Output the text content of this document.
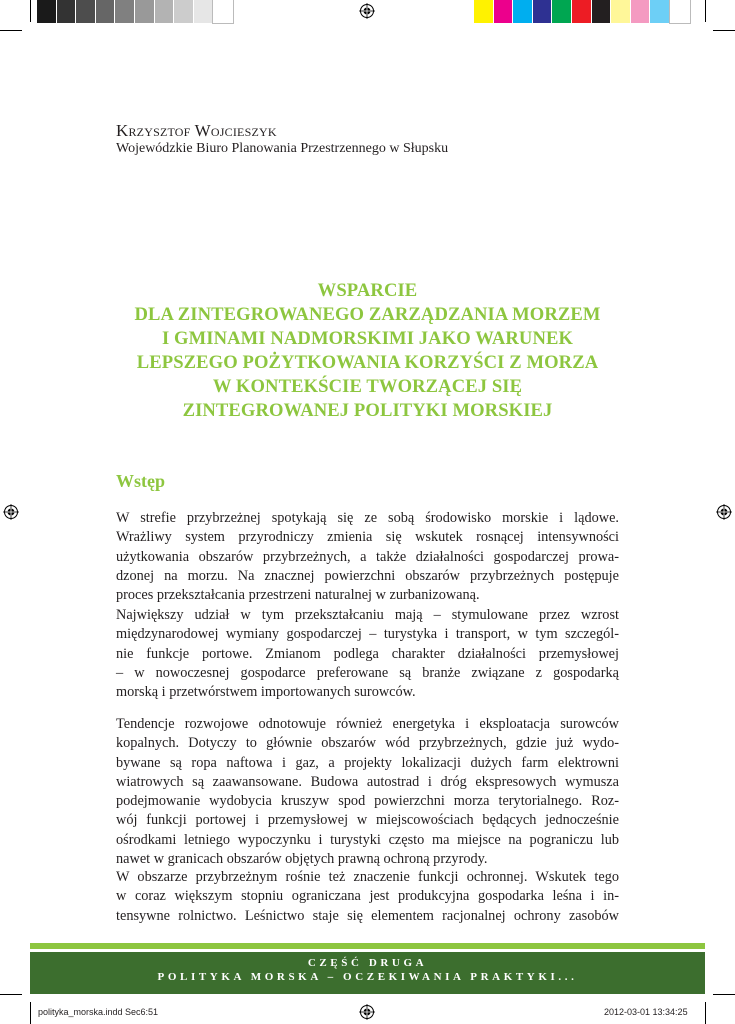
Krzysztof Wojcieszyk
Wojewódzkie Biuro Planowania Przestrzennego w Słupsku
WSPARCIE
DLA ZINTEGROWANEGO ZARZĄDZANIA MORZEM
I GMINAMI NADMORSKIMI JAKO WARUNEK
LEPSZEGO POŻYTKOWANIA KORZYŚCI Z MORZA
W KONTEKŚCIE TWORZĄCEJ SIĘ
ZINTEGROWANEJ POLITYKI MORSKIEJ
Wstęp
W strefie przybrzeżnej spotykają się ze sobą środowisko morskie i lądowe.
Wrażliwy system przyrodniczy zmienia się wskutek rosnącej intensywności
użytkowania obszarów przybrzeżnych, a także działalności gospodarczej prowa-
dzonej na morzu. Na znacznej powierzchni obszarów przybrzeżnych postępuje
proces przekształcania przestrzeni naturalnej w zurbanizowaną.
Największy udział w tym przekształcaniu mają – stymulowane przez wzrost
międzynarodowej wymiany gospodarczej – turystyka i transport, w tym szczegól-
nie funkcje portowe. Zmianom podlega charakter działalności przemysłowej
– w nowoczesnej gospodarce preferowane są branże związane z gospodarką
morską i przetwórstwem importowanych surowców.
Tendencje rozwojowe odnotowuje również energetyka i eksploatacja surowców
kopalnych. Dotyczy to głównie obszarów wód przybrzeżnych, gdzie już wydo-
bywane są ropa naftowa i gaz, a projekty lokalizacji dużych farm elektrowni
wiatrowych są zaawansowane. Budowa autostrad i dróg ekspresowych wymusza
podejmowanie wydobycia kruszyw spod powierzchni morza terytorialnego. Roz-
wój funkcji portowej i przemysłowej w miejscowościach będących jednocześnie
ośrodkami letniego wypoczynku i turystyki często ma miejsce na pograniczu lub
nawet w granicach obszarów objętych prawną ochroną przyrody.
W obszarze przybrzeżnym rośnie też znaczenie funkcji ochronnej. Wskutek tego
w coraz większym stopniu ograniczana jest produkcyjna gospodarka leśna i in-
tensywne rolnictwo. Leśnictwo staje się elementem racjonalnej ochrony zasobów
CZĘŚĆ DRUGA
POLITYKA MORSKA – OCZEKIWANIA PRAKTYKI...
polityka_morska.indd Sec6:51	2012-03-01 13:34:25
